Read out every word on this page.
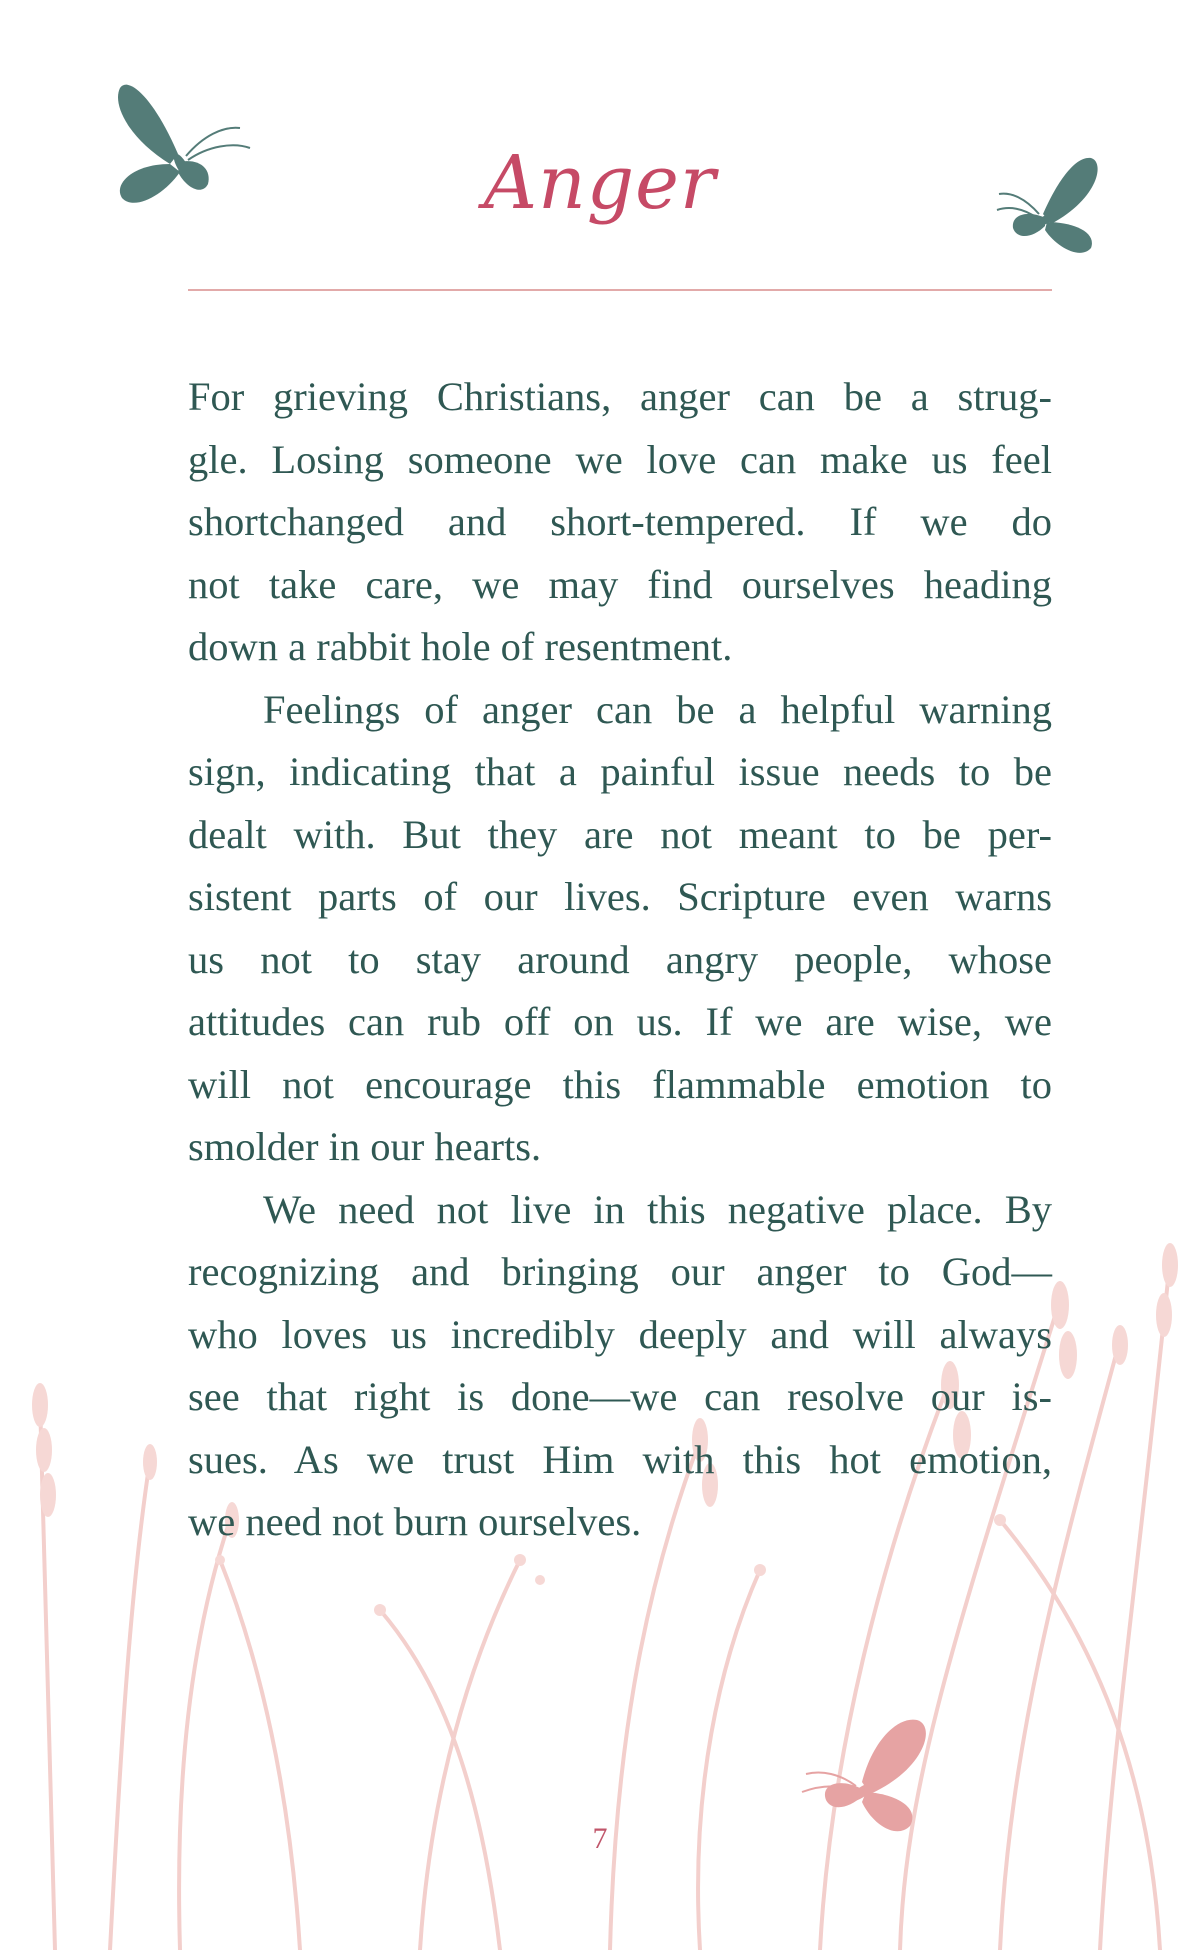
Anger

For grieving Christians, anger can be a strug-
gle. Losing someone we love can make us feel
shortchanged and short-tempered. If we do
not take care, we may find ourselves heading
down a rabbit hole of resentment.

Feelings of anger can be a helpful warning
sign, indicating that a painful issue needs to be
dealt with. But they are not meant to be per-
sistent parts of our lives. Scripture even warns
us not to stay around angry people, whose
attitudes can rub off on us. If we are wise, we
will not encourage this flammable emotion to
smolder in our hearts.

We need not live in this negative place. By
recognizing and bringing our anger to God—
who loves us incredibly deeply and will always
see that right is done—we can resolve our is-
sues. As we trust Him with this hot emotion,
we need not burn ourselves.

7
